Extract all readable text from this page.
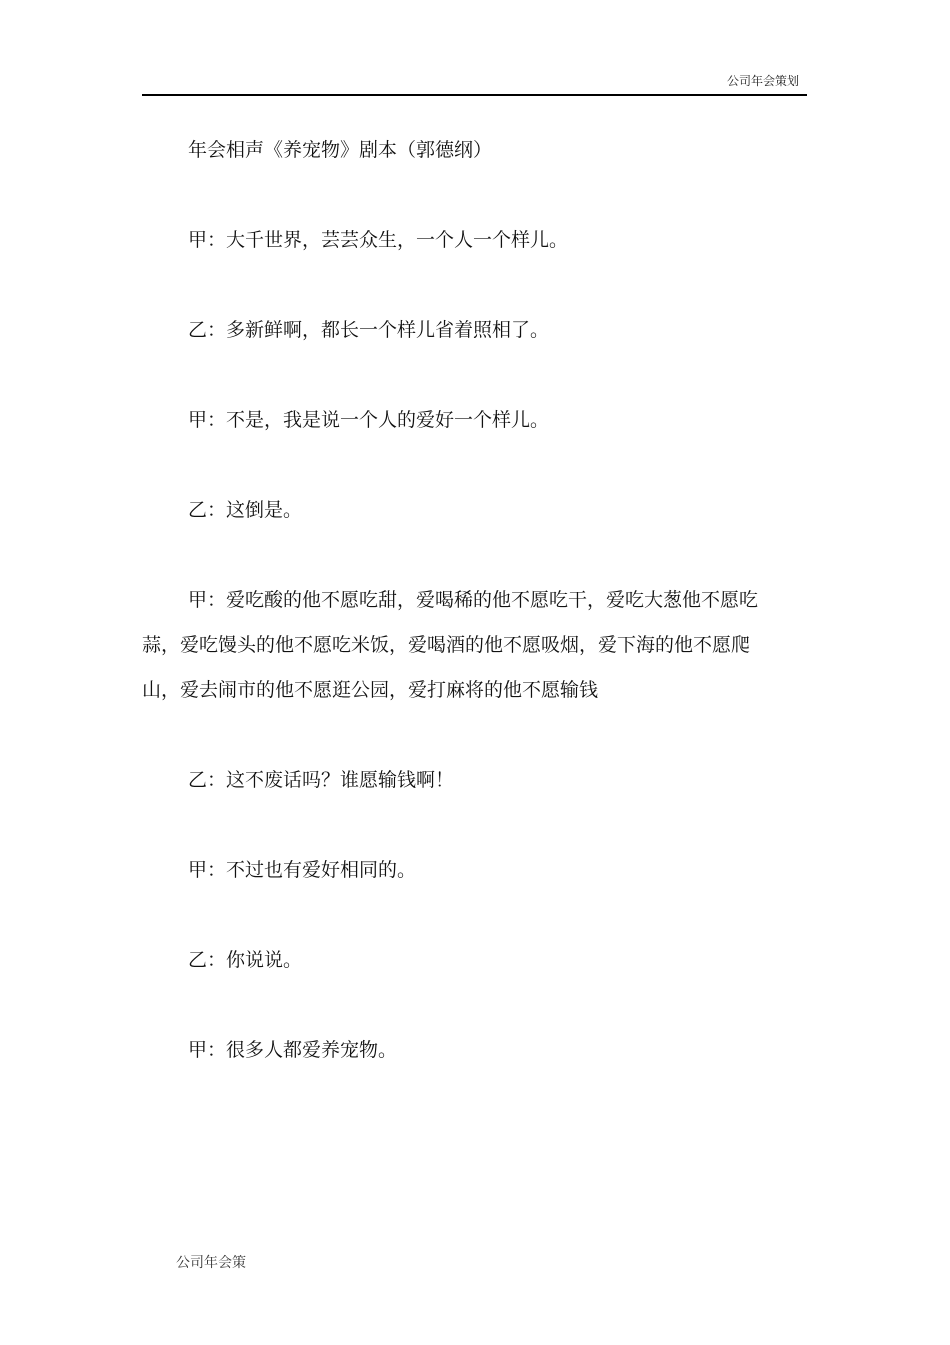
公司年会策划

年会相声《养宠物》剧本（郭德纲）

甲：大千世界，芸芸众生，一个人一个样儿。

乙：多新鲜啊，都长一个样儿省着照相了。

甲：不是，我是说一个人的爱好一个样儿。

乙：这倒是。

甲：爱吃酸的他不愿吃甜，爱喝稀的他不愿吃干，爱吃大葱他不愿吃蒜，爱吃馒头的他不愿吃米饭，爱喝酒的他不愿吸烟，爱下海的他不愿爬山，爱去闹市的他不愿逛公园，爱打麻将的他不愿输钱

乙：这不废话吗？谁愿输钱啊！

甲：不过也有爱好相同的。

乙：你说说。

甲：很多人都爱养宠物。

公司年会策
